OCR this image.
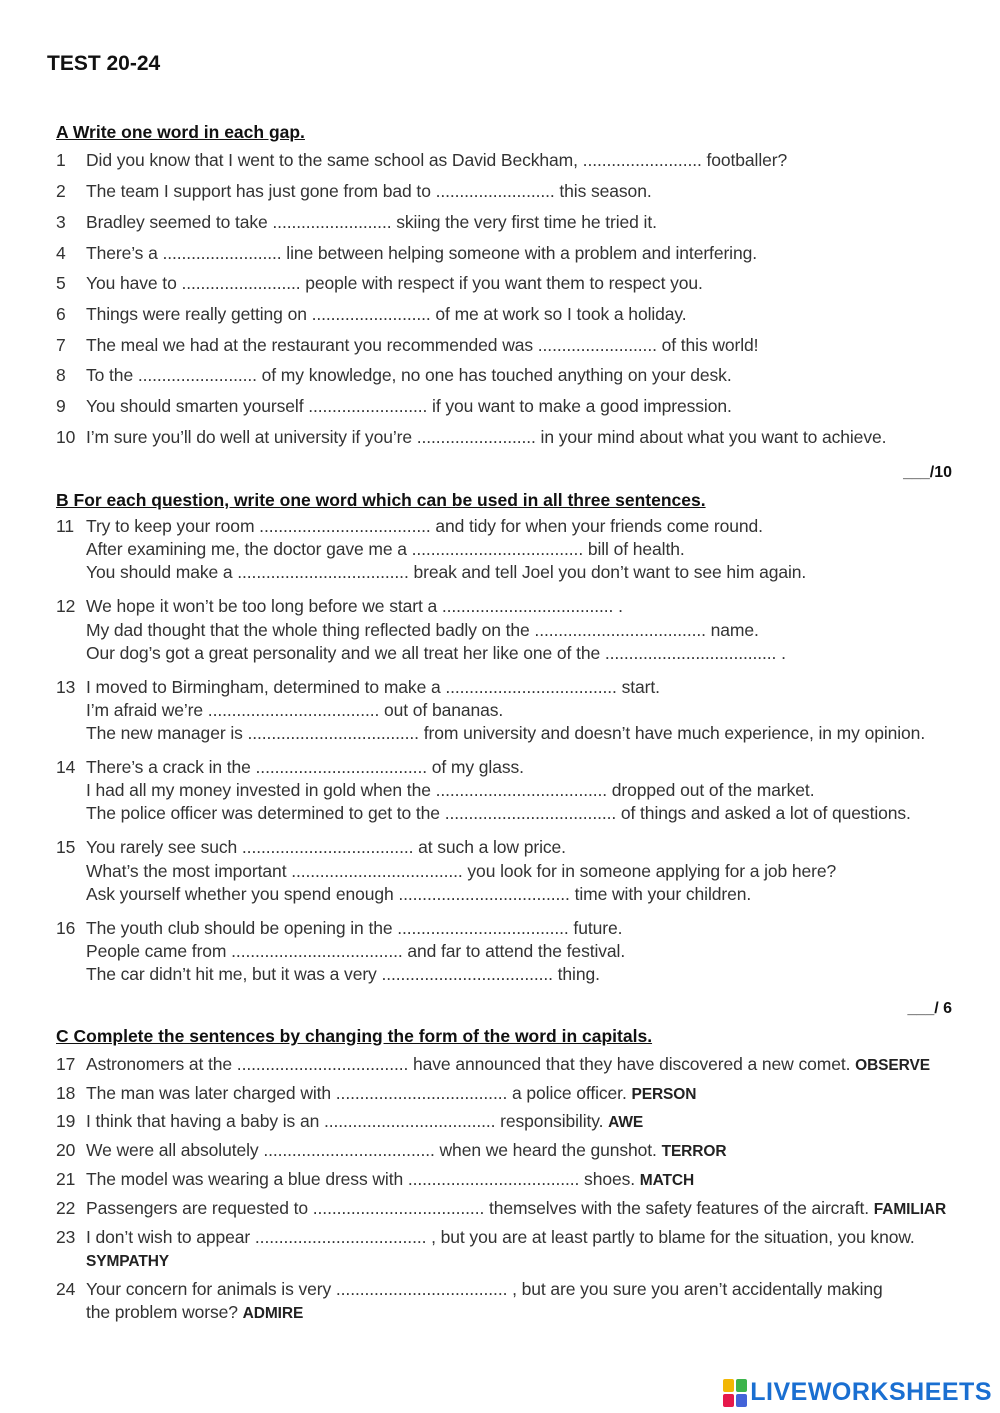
TEST 20-24
A Write one word in each gap.
1 Did you know that I went to the same school as David Beckham, ......................... footballer?
2 The team I support has just gone from bad to ......................... this season.
3 Bradley seemed to take ......................... skiing the very first time he tried it.
4 There’s a ......................... line between helping someone with a problem and interfering.
5 You have to ......................... people with respect if you want them to respect you.
6 Things were really getting on ......................... of me at work so I took a holiday.
7 The meal we had at the restaurant you recommended was ......................... of this world!
8 To the ......................... of my knowledge, no one has touched anything on your desk.
9 You should smarten yourself ......................... if you want to make a good impression.
10 I’m sure you’ll do well at university if you’re ......................... in your mind about what you want to achieve.
___/10
B For each question, write one word which can be used in all three sentences.
11 Try to keep your room .................................... and tidy for when your friends come round.
After examining me, the doctor gave me a .................................... bill of health.
You should make a .................................... break and tell Joel you don’t want to see him again.
12 We hope it won’t be too long before we start a .................................... .
My dad thought that the whole thing reflected badly on the .................................... name.
Our dog’s got a great personality and we all treat her like one of the .................................... .
13 I moved to Birmingham, determined to make a .................................... start.
I’m afraid we’re .................................... out of bananas.
The new manager is .................................... from university and doesn’t have much experience, in my opinion.
14 There’s a crack in the .................................... of my glass.
I had all my money invested in gold when the .................................... dropped out of the market.
The police officer was determined to get to the .................................... of things and asked a lot of questions.
15 You rarely see such .................................... at such a low price.
What’s the most important .................................... you look for in someone applying for a job here?
Ask yourself whether you spend enough .................................... time with your children.
16 The youth club should be opening in the .................................... future.
People came from .................................... and far to attend the festival.
The car didn’t hit me, but it was a very .................................... thing.
___/ 6
C Complete the sentences by changing the form of the word in capitals.
17 Astronomers at the .................................... have announced that they have discovered a new comet. OBSERVE
18 The man was later charged with .................................... a police officer. PERSON
19 I think that having a baby is an .................................... responsibility. AWE
20 We were all absolutely .................................... when we heard the gunshot. TERROR
21 The model was wearing a blue dress with .................................... shoes. MATCH
22 Passengers are requested to .................................... themselves with the safety features of the aircraft. FAMILIAR
23 I don’t wish to appear .................................... , but you are at least partly to blame for the situation, you know.
SYMPATHY
24 Your concern for animals is very .................................... , but are you sure you aren’t accidentally making
the problem worse? ADMIRE
LIVEWORKSHEETS
